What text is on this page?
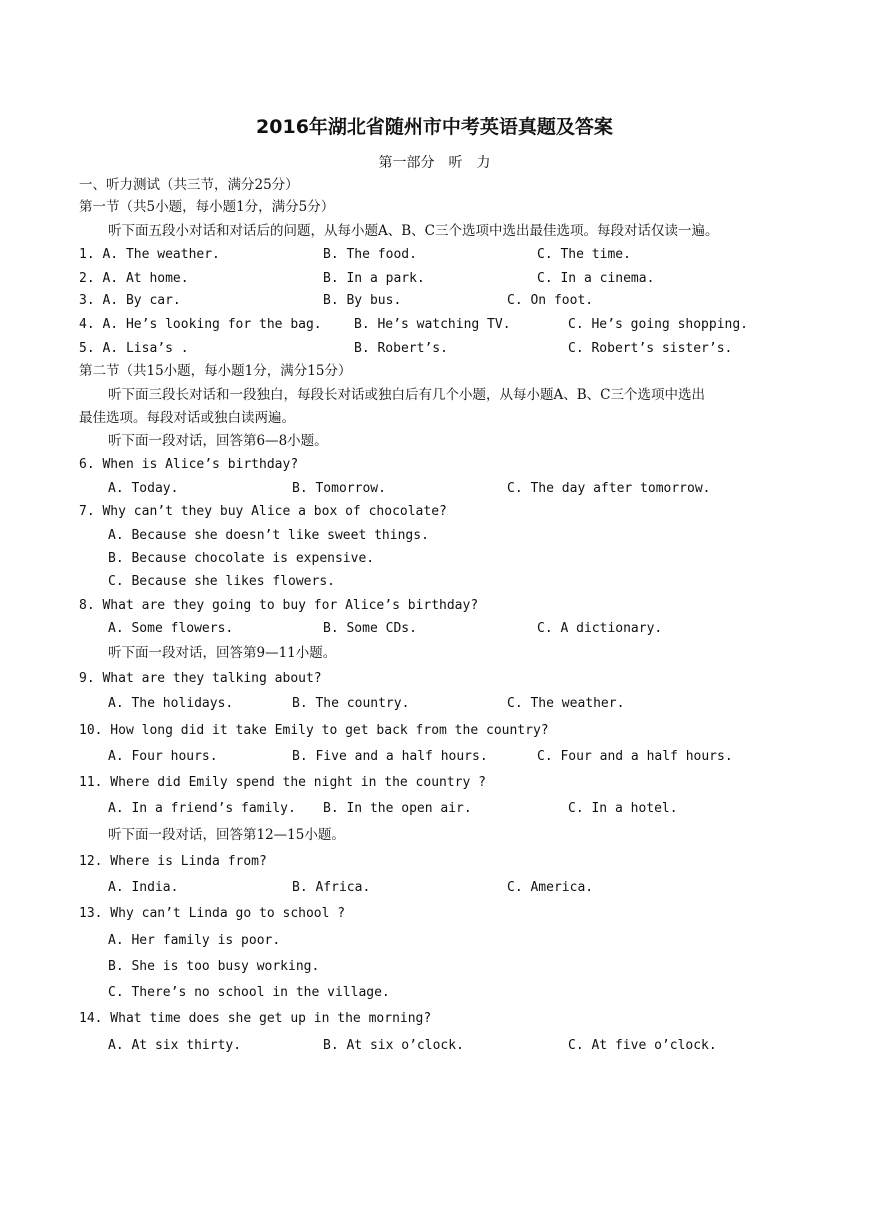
2016年湖北省随州市中考英语真题及答案
第一部分　听　力
一、听力测试（共三节，满分25分）
第一节（共5小题，每小题1分，满分5分）
听下面五段小对话和对话后的问题，从每小题A、B、C三个选项中选出最佳选项。每段对话仅读一遍。
1. A. The weather.	B. The food.	C. The time.
2. A. At home.	B. In a park.	C. In a cinema.
3. A. By car.	B. By bus.	C. On foot.
4. A. He’s looking for the bag. B. He’s watching TV.	C. He’s going shopping.
5. A. Lisa’s .	B. Robert’s.	C. Robert’s sister’s.
第二节（共15小题，每小题1分，满分15分）
听下面三段长对话和一段独白，每段长对话或独白后有几个小题，从每小题A、B、C三个选项中选出
最佳选项。每段对话或独白读两遍。
听下面一段对话，回答第6—8小题。
6. When is Alice’s birthday?
A. Today.	B. Tomorrow.	C. The day after tomorrow.
7. Why can’t they buy Alice a box of chocolate?
A. Because she doesn’t like sweet things.
B. Because chocolate is expensive.
C. Because she likes flowers.
8. What are they going to buy for Alice’s birthday?
A. Some flowers.	B. Some CDs.	C. A dictionary.
听下面一段对话，回答第9—11小题。
9. What are they talking about?
A. The holidays.	B. The country.	C. The weather.
10. How long did it take Emily to get back from the country?
A. Four hours.	B. Five and a half hours.	C. Four and a half hours.
11. Where did Emily spend the night in the country ?
A. In a friend’s family. B. In the open air.	C. In a hotel.
听下面一段对话，回答第12—15小题。
12. Where is Linda from?
A. India.	B. Africa.	C. America.
13. Why can’t Linda go to school ?
A. Her family is poor.
B. She is too busy working.
C. There’s no school in the village.
14. What time does she get up in the morning?
A. At six thirty.	B. At six o’clock.	C. At five o’clock.
